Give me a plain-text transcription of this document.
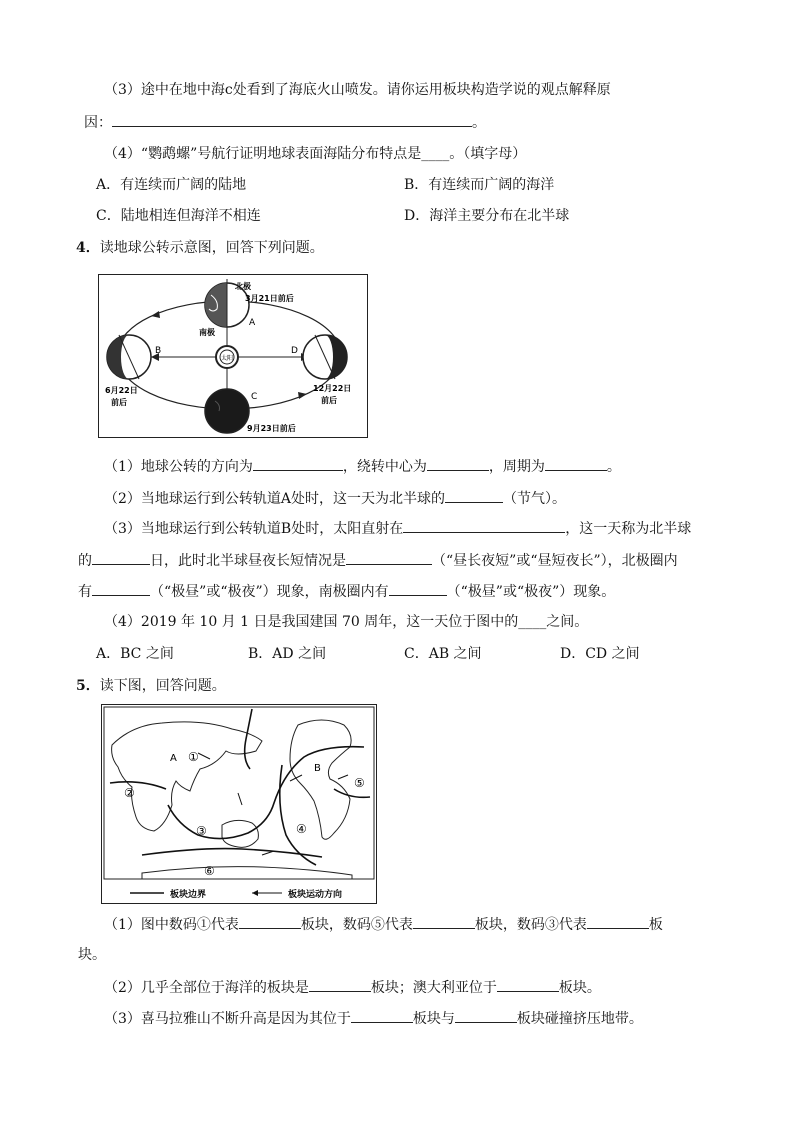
（3）途中在地中海c处看到了海底火山喷发。请你运用板块构造学说的观点解释原
因：	。
（4）“鹦鹉螺”号航行证明地球表面海陆分布特点是____。（填字母）
A．有连续而广阔的陆地	B．有连续而广阔的海洋
C．陆地相连但海洋不相连	D．海洋主要分布在北半球
4．读地球公转示意图，回答下列问题。
太阳
北极
3月21日前后
A
南极
B
6月22日
前后
D
12月22日
前后
C
9月23日前后
（1）地球公转的方向为	，绕转中心为	，周期为	。
（2）当地球运行到公转轨道A处时，这一天为北半球的	（节气）。
（3）当地球运行到公转轨道B处时，太阳直射在	，这一天称为北半球
的	日，此时北半球昼夜长短情况是	（“昼长夜短”或“昼短夜长”），北极圈内
有	（“极昼”或“极夜”）现象，南极圈内有	（“极昼”或“极夜”）现象。
（4）2019 年 10 月 1 日是我国建国 70 周年，这一天位于图中的____之间。
A．BC 之间	B．AD 之间	C．AB 之间	D．CD 之间
5．读下图，回答问题。
A
B
①
②
③	④
⑤
⑥
板块边界	板块运动方向
（1）图中数码①代表	板块，数码⑤代表	板块，数码③代表	板
块。
（2）几乎全部位于海洋的板块是	板块；澳大利亚位于	板块。
（3）喜马拉雅山不断升高是因为其位于	板块与	板块碰撞挤压地带。
